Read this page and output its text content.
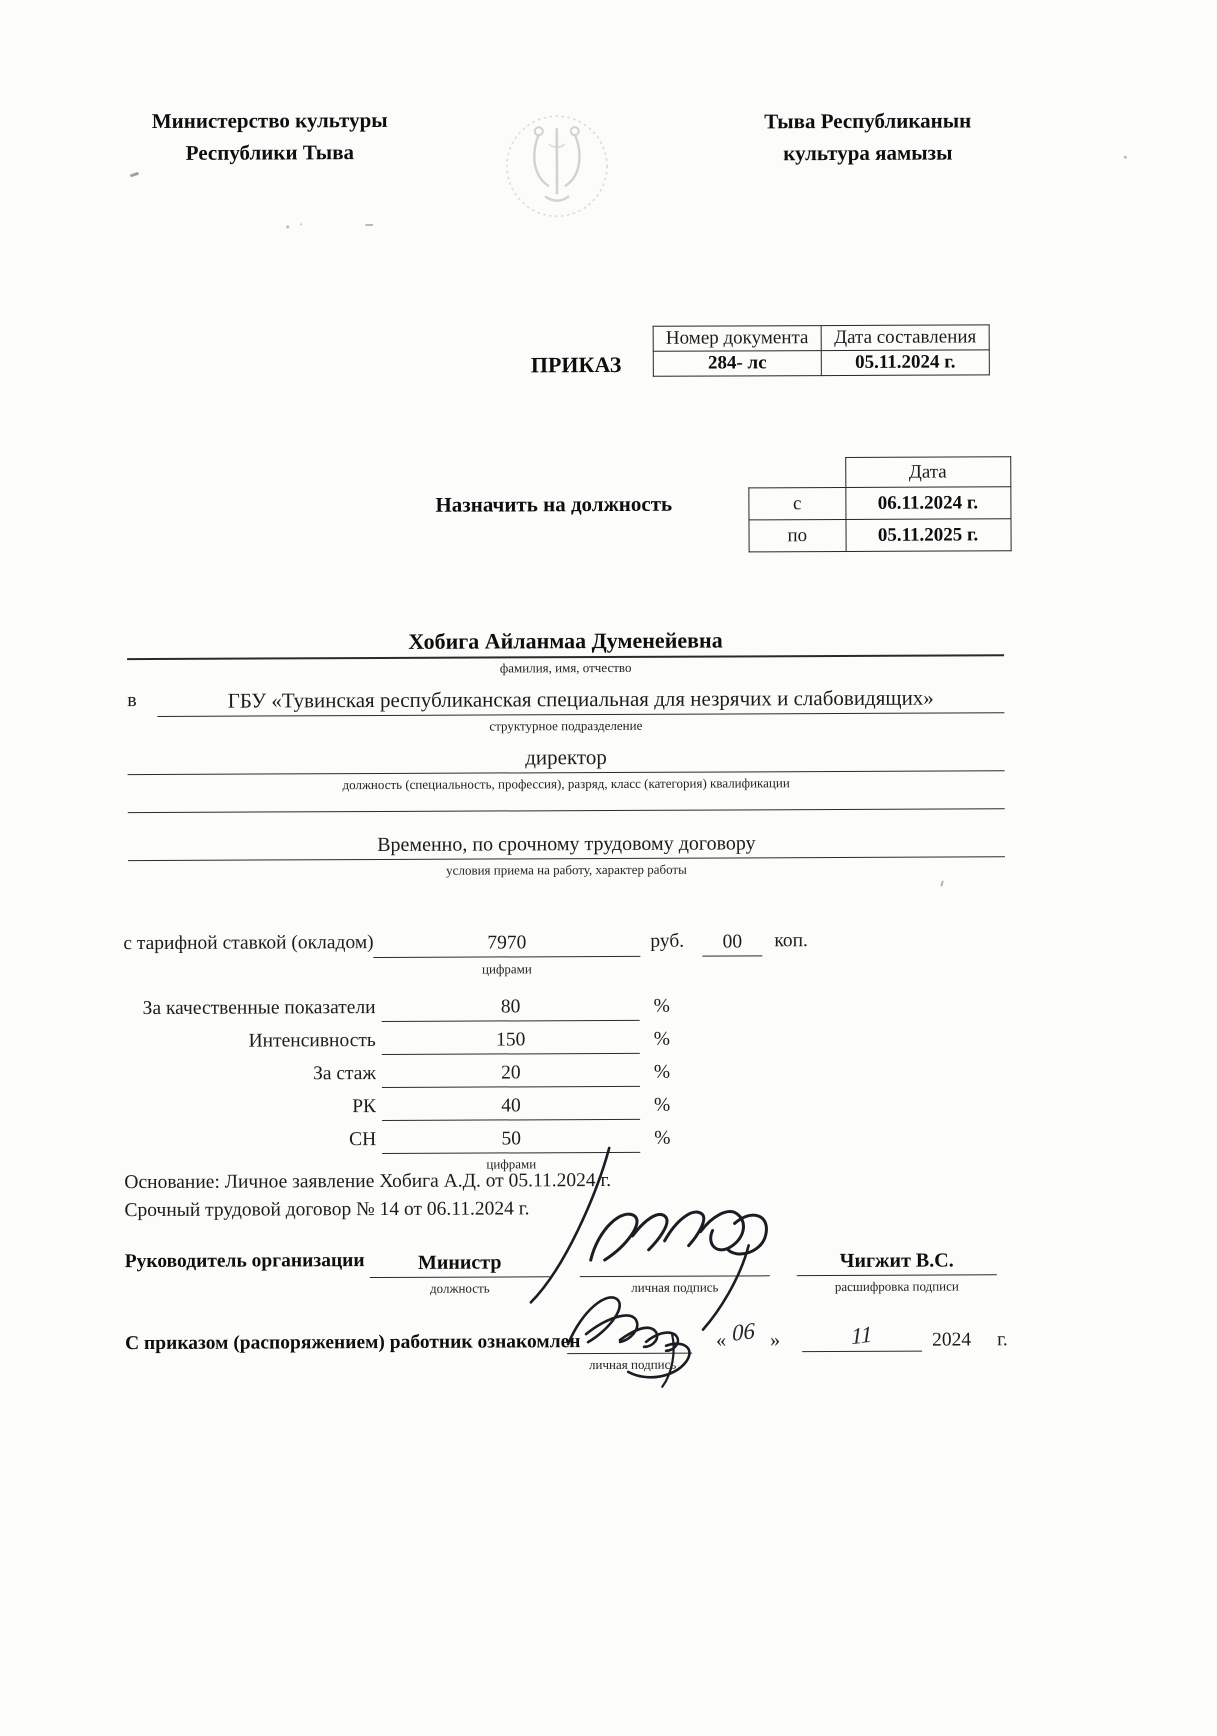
Министерство культуры
Республики Тыва
Тыва Республиканын
культура яамызы
ПРИКАЗ
Номер документа	Дата составления
284- лс	05.11.2024 г.
Назначить на должность
	Дата
с	06.11.2024 г.
по	05.11.2025 г.
Хобига Айланмаа Думенейевна
фамилия, имя, отчество
в	ГБУ «Тувинская республиканская специальная для незрячих и слабовидящих»
структурное подразделение
директор
должность (специальность, профессия), разряд, класс (категория) квалификации
Временно, по срочному трудовому договору
условия приема на работу, характер работы
с тарифной ставкой (окладом)	7970	руб. 00 коп.
цифрами
За качественные показатели	80	%
Интенсивность	150	%
За стаж	20	%
РК	40	%
СН	50	%
цифрами
Основание: Личное заявление Хобига А.Д. от 05.11.2024 г.
Срочный трудовой договор № 14 от 06.11.2024 г.
Руководитель организации	Министр
должность	личная подпись
Чигжит В.С.
расшифровка подписи
С приказом (распоряжением) работник ознакомлен
личная подпись
« 06 »	11	2024 г.
